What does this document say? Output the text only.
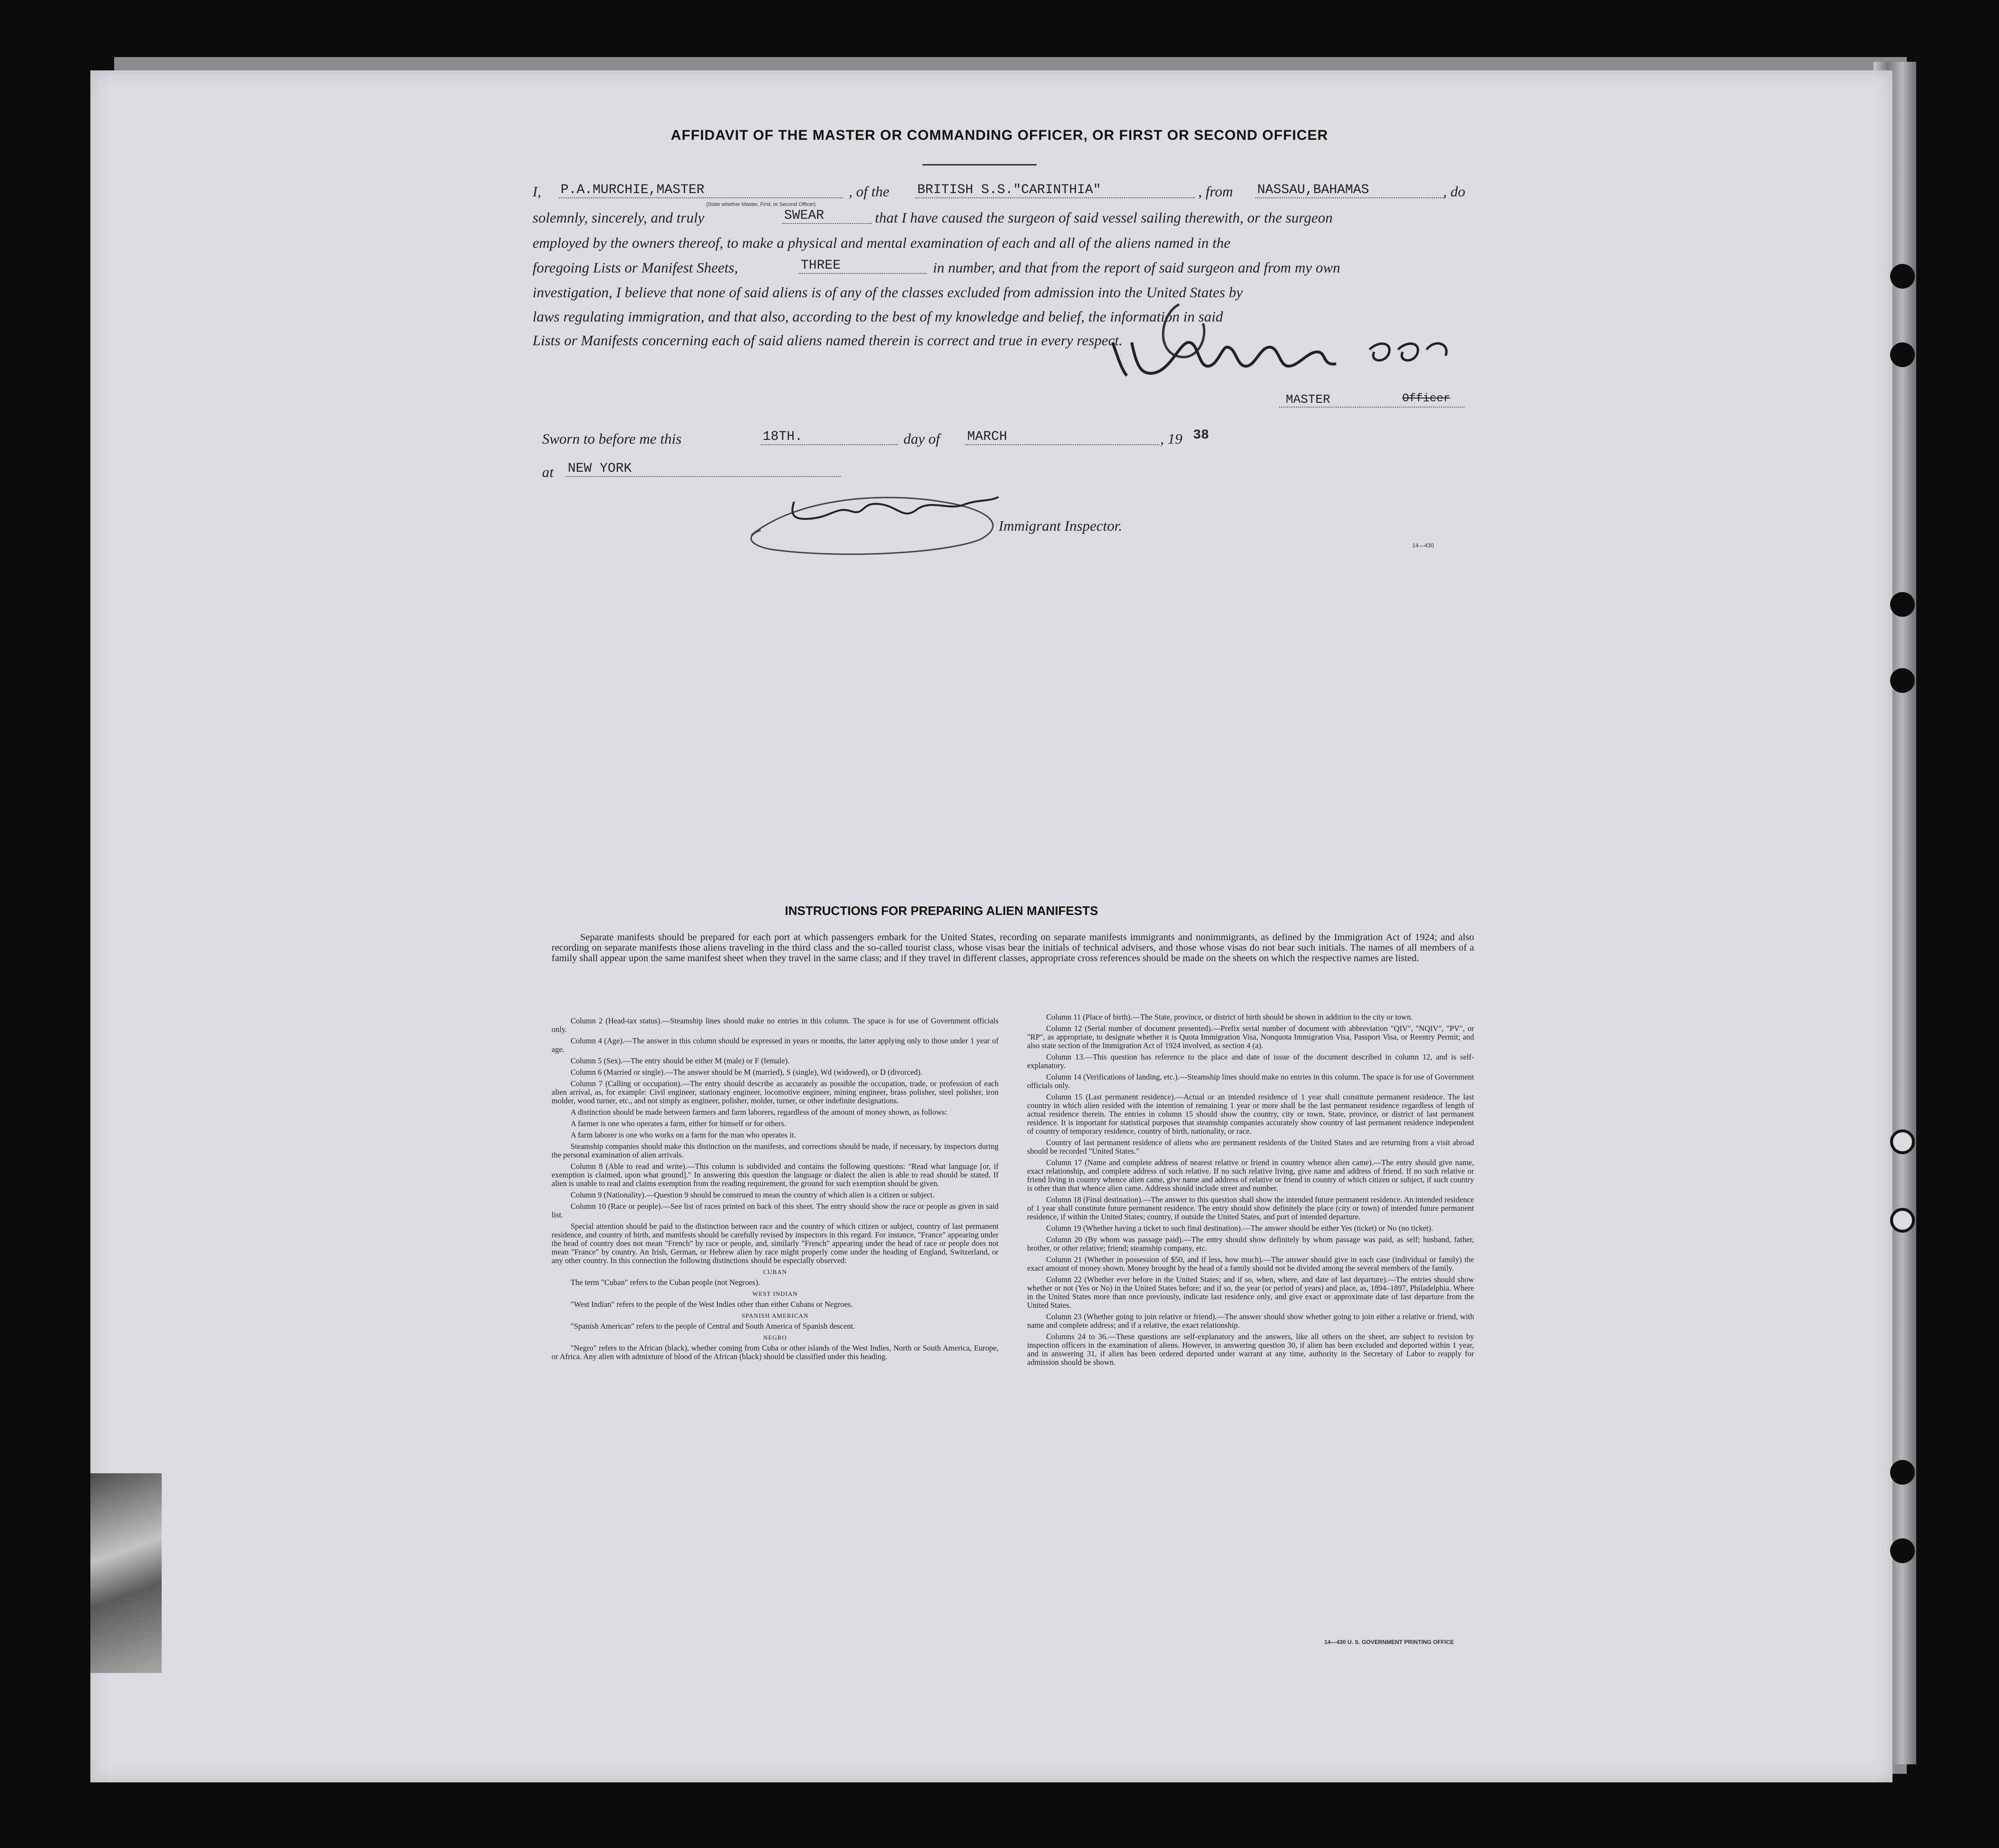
AFFIDAVIT OF THE MASTER OR COMMANDING OFFICER, OR FIRST OR SECOND OFFICER
I, P.A.MURCHIE,MASTER	, of the BRITISH S.S."CARINTHIA"	, from NASSAU,BAHAMAS	, do
(State whether Master, First, or Second Officer)
solemnly, sincerely, and truly	SWEAR	that I have caused the surgeon of said vessel sailing therewith, or the surgeon
employed by the owners thereof, to make a physical and mental examination of each and all of the aliens named in the
foregoing Lists or Manifest Sheets,	THREE	in number, and that from the report of said surgeon and from my own
investigation, I believe that none of said aliens is of any of the classes excluded from admission into the United States by
laws regulating immigration, and that also, according to the best of my knowledge and belief, the information in said
Lists or Manifests concerning each of said aliens named therein is correct and true in every respect.
MASTER	Officer
Sworn to before me this	18TH.	day of MARCH	, 19 38
at NEW YORK
Immigrant Inspector.
14—430
INSTRUCTIONS FOR PREPARING ALIEN MANIFESTS
Separate manifests should be prepared for each port at which passengers embark for the United States, recording on separate manifests immigrants and nonimmigrants, as defined by the Immigration Act of 1924; and also recording on separate manifests those aliens traveling in the third class and the so-called tourist class, whose visas bear the initials of technical advisers, and those whose visas do not bear such initials. The names of all members of a family shall appear upon the same manifest sheet when they travel in the same class; and if they travel in different classes, appropriate cross references should be made on the sheets on which the respective names are listed.

Column 2 (Head-tax status).—Steamship lines should make no entries in this column. The space is for use of Government officials only.

Column 4 (Age).—The answer in this column should be expressed in years or months, the latter applying only to those under 1 year of age.

Column 5 (Sex).—The entry should be either M (male) or F (female).

Column 6 (Married or single).—The answer should be M (married), S (single), Wd (widowed), or D (divorced).

Column 7 (Calling or occupation).—The entry should describe as accurately as possible the occupation, trade, or profession of each alien arrival, as, for example: Civil engineer, stationary engineer, locomotive engineer, mining engineer, brass polisher, steel polisher, iron molder, wood turner, etc., and not simply as engineer, polisher, molder, turner, or other indefinite designations.

A distinction should be made between farmers and farm laborers, regardless of the amount of money shown, as follows:

A farmer is one who operates a farm, either for himself or for others.

A farm laborer is one who works on a farm for the man who operates it.

Steamship companies should make this distinction on the manifests, and corrections should be made, if necessary, by inspectors during the personal examination of alien arrivals.

Column 8 (Able to read and write).—This column is subdivided and contains the following questions: "Read what language [or, if exemption is claimed, upon what ground]." In answering this question the language or dialect the alien is able to read should be stated. If alien is unable to read and claims exemption from the reading requirement, the ground for such exemption should be given.

Column 9 (Nationality).—Question 9 should be construed to mean the country of which alien is a citizen or subject.

Column 10 (Race or people).—See list of races printed on back of this sheet. The entry should show the race or people as given in said list.

Special attention should be paid to the distinction between race and the country of which citizen or subject, country of last permanent residence, and country of birth, and manifests should be carefully revised by inspectors in this regard. For instance, "France" appearing under the head of country does not mean "French" by race or people, and, similarly "French" appearing under the head of race or people does not mean "France" by country. An Irish, German, or Hebrew alien by race might properly come under the heading of England, Switzerland, or any other country. In this connection the following distinctions should be especially observed:

CUBAN

The term "Cuban" refers to the Cuban people (not Negroes).

WEST INDIAN

"West Indian" refers to the people of the West Indies other than either Cubans or Negroes.

SPANISH AMERICAN

"Spanish American" refers to the people of Central and South America of Spanish descent.

NEGRO

"Negro" refers to the African (black), whether coming from Cuba or other islands of the West Indies, North or South America, Europe, or Africa. Any alien with admixture of blood of the African (black) should be classified under this heading.

Column 11 (Place of birth).—The State, province, or district of birth should be shown in addition to the city or town.

Column 12 (Serial number of document presented).—Prefix serial number of document with abbreviation "QIV", "NQIV", "PV", or "RP", as appropriate, to designate whether it is Quota Immigration Visa, Nonquota Immigration Visa, Passport Visa, or Reentry Permit; and also state section of the Immigration Act of 1924 involved, as section 4 (a).

Column 13.—This question has reference to the place and date of issue of the document described in column 12, and is self-explanatory.

Column 14 (Verifications of landing, etc.).—Steamship lines should make no entries in this column. The space is for use of Government officials only.

Column 15 (Last permanent residence).—Actual or an intended residence of 1 year shall constitute permanent residence. The last country in which alien resided with the intention of remaining 1 year or more shall be the last permanent residence regardless of length of actual residence therein. The entries in column 15 should show the country, city or town, State, province, or district of last permanent residence. It is important for statistical purposes that steamship companies accurately show country of last permanent residence independent of country of temporary residence, country of birth, nationality, or race.

Country of last permanent residence of aliens who are permanent residents of the United States and are returning from a visit abroad should be recorded "United States."

Column 17 (Name and complete address of nearest relative or friend in country whence alien came).—The entry should give name, exact relationship, and complete address of such relative. If no such relative living, give name and address of friend. If no such relative or friend living in country whence alien came, give name and address of relative or friend in country of which citizen or subject, if such country is other than that whence alien came. Address should include street and number.

Column 18 (Final destination).—The answer to this question shall show the intended future permanent residence. An intended residence of 1 year shall constitute future permanent residence. The entry should show definitely the place (city or town) of intended future permanent residence, if within the United States; country, if outside the United States, and port of intended departure.

Column 19 (Whether having a ticket to such final destination).—The answer should be either Yes (ticket) or No (no ticket).

Column 20 (By whom was passage paid).—The entry should show definitely by whom passage was paid, as self; husband, father, brother, or other relative; friend; steamship company, etc.

Column 21 (Whether in possession of $50, and if less, how much).—The answer should give in each case (individual or family) the exact amount of money shown. Money brought by the head of a family should not be divided among the several members of the family.

Column 22 (Whether ever before in the United States; and if so, when, where, and date of last departure).—The entries should show whether or not (Yes or No) in the United States before; and if so, the year (or period of years) and place, as, 1894–1897, Philadelphia. Where in the United States more than once previously, indicate last residence only, and give exact or approximate date of last departure from the United States.

Column 23 (Whether going to join relative or friend).—The answer should show whether going to join either a relative or friend, with name and complete address; and if a relative, the exact relationship.

Columns 24 to 36.—These questions are self-explanatory and the answers, like all others on the sheet, are subject to revision by inspection officers in the examination of aliens. However, in answering question 30, if alien has been excluded and deported within 1 year, and in answering 31, if alien has been ordered deported under warrant at any time, authority in the Secretary of Labor to reapply for admission should be shown.

14—430 U. S. GOVERNMENT PRINTING OFFICE
